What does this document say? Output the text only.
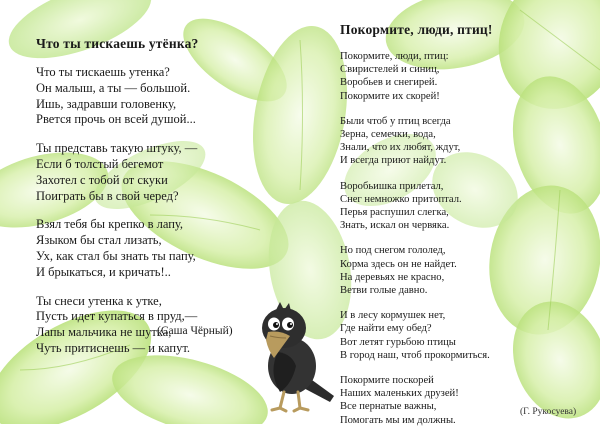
Что ты тискаешь утёнка?
Что ты тискаешь утенка?
Он малыш, а ты — большой.
Ишь, задравши головенку,
Рвется прочь он всей душой...
Ты представь такую штуку, —
Если б толстый бегемот
Захотел с тобой от скуки
Поиграть бы в свой черед?
Взял тебя бы крепко в лапу,
Языком бы стал лизать,
Ух, как стал бы знать ты папу,
И брыкаться, и кричать!..
Ты снеси утенка к утке,
Пусть идет купаться в пруд,—
Лапы мальчика не шутка,
Чуть притиснешь — и капут.
(Саша Чёрный)
Покормите, люди, птиц!
Покормите, люди, птиц:
Свиристелей и синиц,
Воробьев и снегирей.
Покормите их скорей!
Были чтоб у птиц всегда
Зерна, семечки, вода,
Знали, что их любят, ждут,
И всегда приют найдут.
Воробьишка прилетал,
Снег немножко притоптал.
Перья распушил слегка,
Знать, искал он червяка.
Но под снегом гололед,
Корма здесь он не найдет.
На деревьях не красно,
Ветви голые давно.
И в лесу кормушек нет,
Где найти ему обед?
Вот летят гурьбою птицы
В город наш, чтоб прокормиться.
Покормите поскорей
Наших маленьких друзей!
Все пернатые важны,
Помогать мы им должны.
(Г. Рукосуева)
